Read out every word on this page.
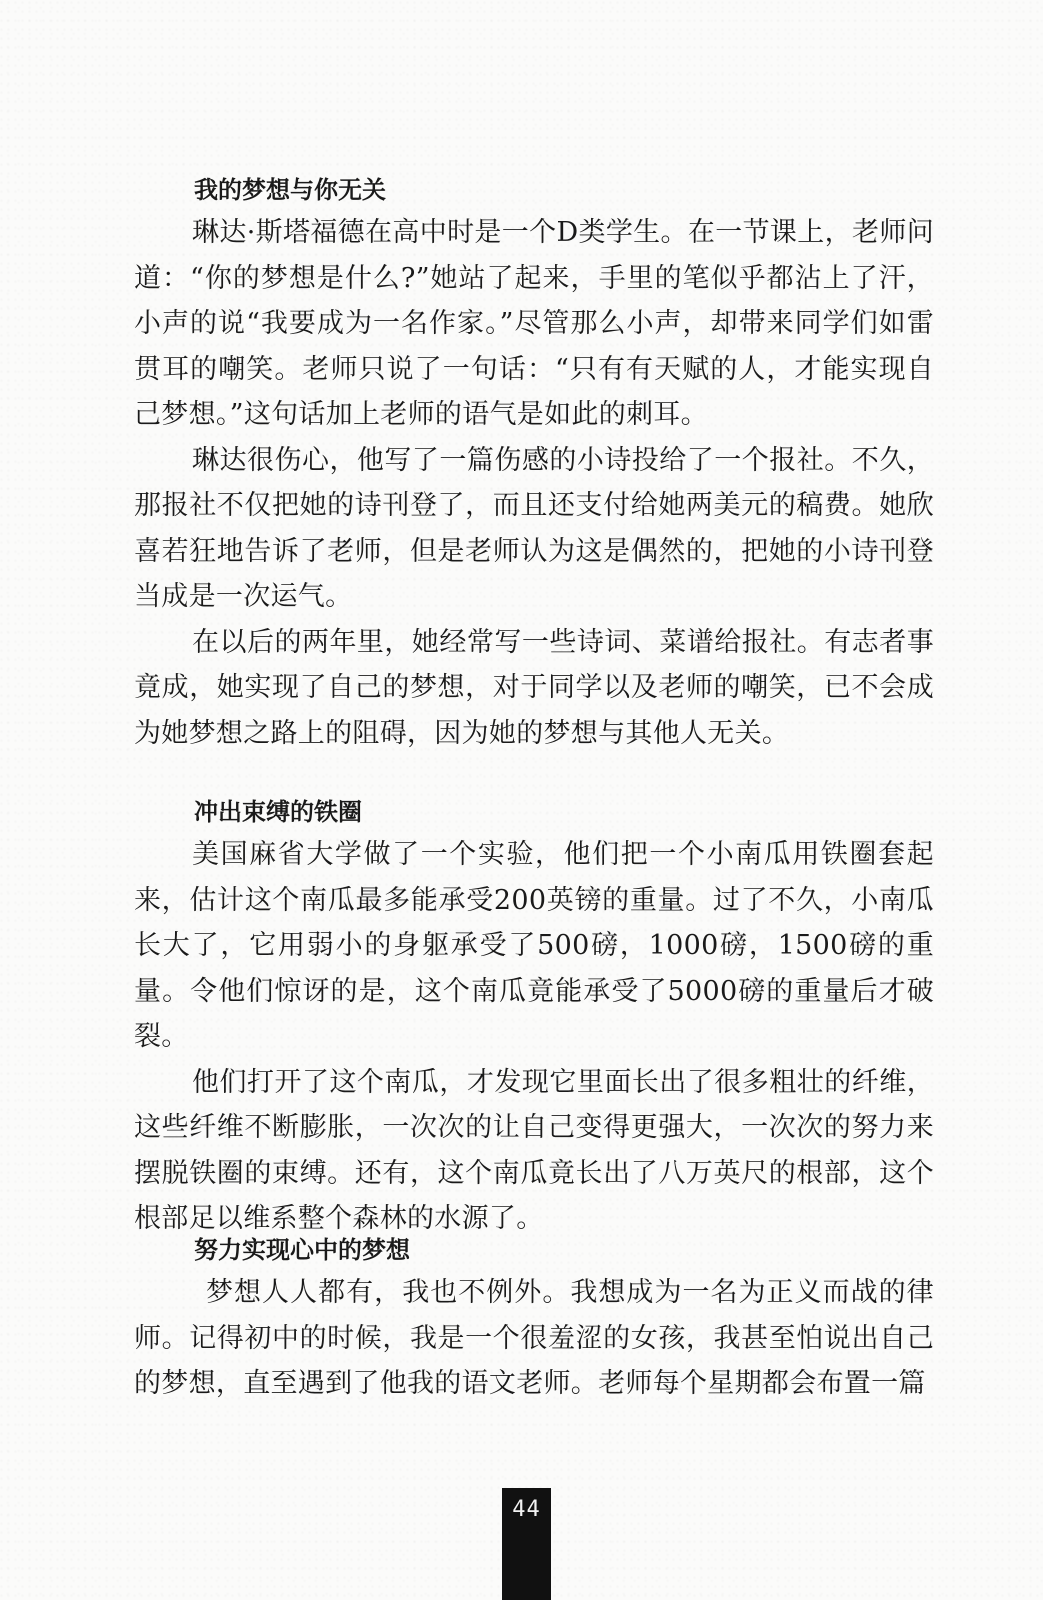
我的梦想与你无关

琳达·斯塔福德在高中时是一个D类学生。在一节课上，老师问道：“你的梦想是什么?”她站了起来，手里的笔似乎都沾上了汗，小声的说“我要成为一名作家。”尽管那么小声，却带来同学们如雷贯耳的嘲笑。老师只说了一句话：“只有有天赋的人，才能实现自己梦想。”这句话加上老师的语气是如此的刺耳。

琳达很伤心，他写了一篇伤感的小诗投给了一个报社。不久，那报社不仅把她的诗刊登了，而且还支付给她两美元的稿费。她欣喜若狂地告诉了老师，但是老师认为这是偶然的，把她的小诗刊登当成是一次运气。

在以后的两年里，她经常写一些诗词、菜谱给报社。有志者事竟成，她实现了自己的梦想，对于同学以及老师的嘲笑，已不会成为她梦想之路上的阻碍，因为她的梦想与其他人无关。

冲出束缚的铁圈

美国麻省大学做了一个实验，他们把一个小南瓜用铁圈套起来，估计这个南瓜最多能承受200英镑的重量。过了不久，小南瓜长大了，它用弱小的身躯承受了500磅，1000磅，1500磅的重量。令他们惊讶的是，这个南瓜竟能承受了5000磅的重量后才破裂。

他们打开了这个南瓜，才发现它里面长出了很多粗壮的纤维，这些纤维不断膨胀，一次次的让自己变得更强大，一次次的努力来摆脱铁圈的束缚。还有，这个南瓜竟长出了八万英尺的根部，这个根部足以维系整个森林的水源了。

努力实现心中的梦想

梦想人人都有，我也不例外。我想成为一名为正义而战的律师。记得初中的时候，我是一个很羞涩的女孩，我甚至怕说出自己的梦想，直至遇到了他我的语文老师。老师每个星期都会布置一篇

44
